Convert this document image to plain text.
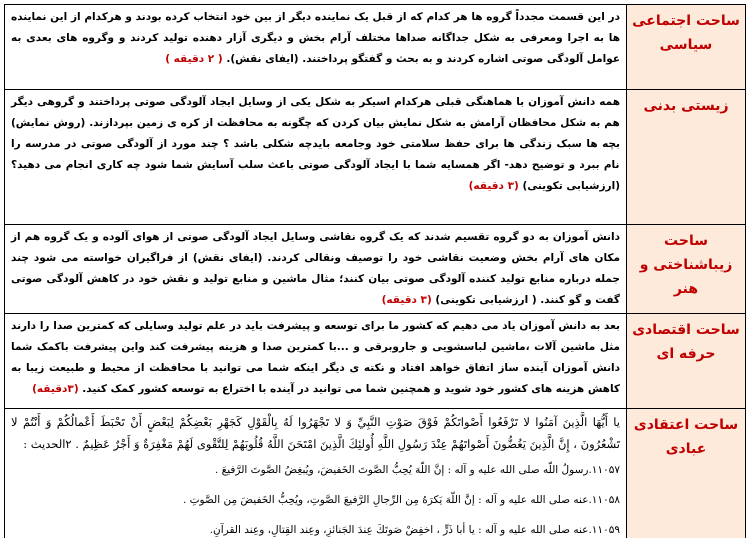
ساحت اجتماعی سیاسی	در این قسمت مجدداً گروه ها هر کدام که از قبل یک نماینده دیگر از بین خود انتخاب کرده بودند و هرکدام از این نماینده ها به اجرا ومعرفی به شکل جداگانه صداها مختلف آرام بخش و دیگری آزار دهنده تولید کردند و وگروه های بعدی به عوامل آلودگی صوتی اشاره کردند و به بحث و گفتگو پرداختند. (ایفای نقش). ( ۲ دقیقه )

زیستی بدنی	همه دانش آموزان با هماهنگی قبلی هرکدام اسیکر به شکل یکی از وسایل ایجاد آلودگی صوتی پرداختند و گروهی دیگر هم به شکل محافظان آرامش به شکل نمایش بیان کردن که چگونه به محافظت از کره ی زمین بپردازند. (روش نمایش) بچه ها سبک زندگی ها برای حفظ سلامتی خود وجامعه بایدچه شکلی باشد ؟ چند مورد از آلودگی صوتی در مدرسه را نام ببرد و توضیح دهد- اگر همسایه شما با ایجاد آلودگی صوتی باعث سلب آسایش شما شود چه کاری انجام می دهید؟ (ارزشیابی تکوینی) (۳ دقیقه)

ساحت زیباشناختی و هنر	دانش آموزان به دو گروه تقسیم شدند که یک گروه نقاشی وسایل ایجاد آلودگی صوتی از هوای آلوده و یک گروه هم از مکان های آرام بخش وضعیت نقاشی خود را توصیف ونقالی کردند. (ایفای نقش) از فراگیران خواسته می شود چند جمله درباره منابع تولید کننده آلودگی صوتی بیان کنند؛ مثال ماشین و منابع تولید و نقش خود در کاهش آلودگی صوتی گفت و گو کنند. ( ارزشیابی تکوینی) (۳ دقیقه)

ساحت اقتصادی حرفه ای	بعد به دانش آموزان یاد می دهیم که کشور ما برای توسعه و پیشرفت باید در علم تولید وسایلی که کمترین صدا را دارند مثل ماشین آلات ،ماشین لباسشویی و جاروبرقی و ...با کمترین صدا و هزینه پیشرفت کند واین پیشرفت باکمک شما دانش آموزان آینده ساز اتفاق خواهد افتاد و نکته ی دیگر اینکه شما می توانید با محافظت از محیط و طبیعت زیبا به کاهش هزینه های کشور خود شوید و همچنین شما می توانید در آینده با اختراع به توسعه کشور کمک کنید. (۳دقیقه)

ساحت اعتقادی عبادی	يا أَيُّهَا الَّذِينَ آمَنُوا لا تَرْفَعُوا أَصْواتَكُمْ فَوْقَ صَوْتِ النَّبِيِّ وَ لا تَجْهَرُوا لَهُ بِالْقَوْلِ كَجَهْرِ بَعْضِكُمْ لِبَعْضٍ أَنْ تَحْبَطَ أَعْمالُكُمْ وَ أَنْتُمْ لا تَشْعُرُونَ ، إِنَّ الَّذِينَ يَغُضُّونَ أَصْواتَهُمْ عِنْدَ رَسُولِ اللَّهِ أُولئِكَ الَّذِينَ امْتَحَنَ اللَّهُ قُلُوبَهُمْ لِلتَّقْوى لَهُمْ مَغْفِرَةٌ وَ أَجْرٌ عَظِيمٌ . ۲الحديث :
۱۱۰۵۷.رسولُ اللّه صلى الله عليه و آله : إنَّ اللّهَ يُحِبُّ الصَّوتَ الخَفيضَ، ويُبغِضُ الصَّوتَ الرَّفيعَ .
۱۱۰۵۸.عنه صلى الله عليه و آله : إنَّ اللّهَ يَكرَهُ مِن الرِّجالِ الرَّفيعَ الصَّوتِ، ويُحِبُّ الخَفيضَ مِن الصَّوتِ .
۱۱۰۵۹.عنه صلى الله عليه و آله : يا أبا ذَرٍّ ، اخفِضْ صَوتَكَ عِندَ الجَنائزِ، وعِند القِتالِ، وعِند القرآنِ.
